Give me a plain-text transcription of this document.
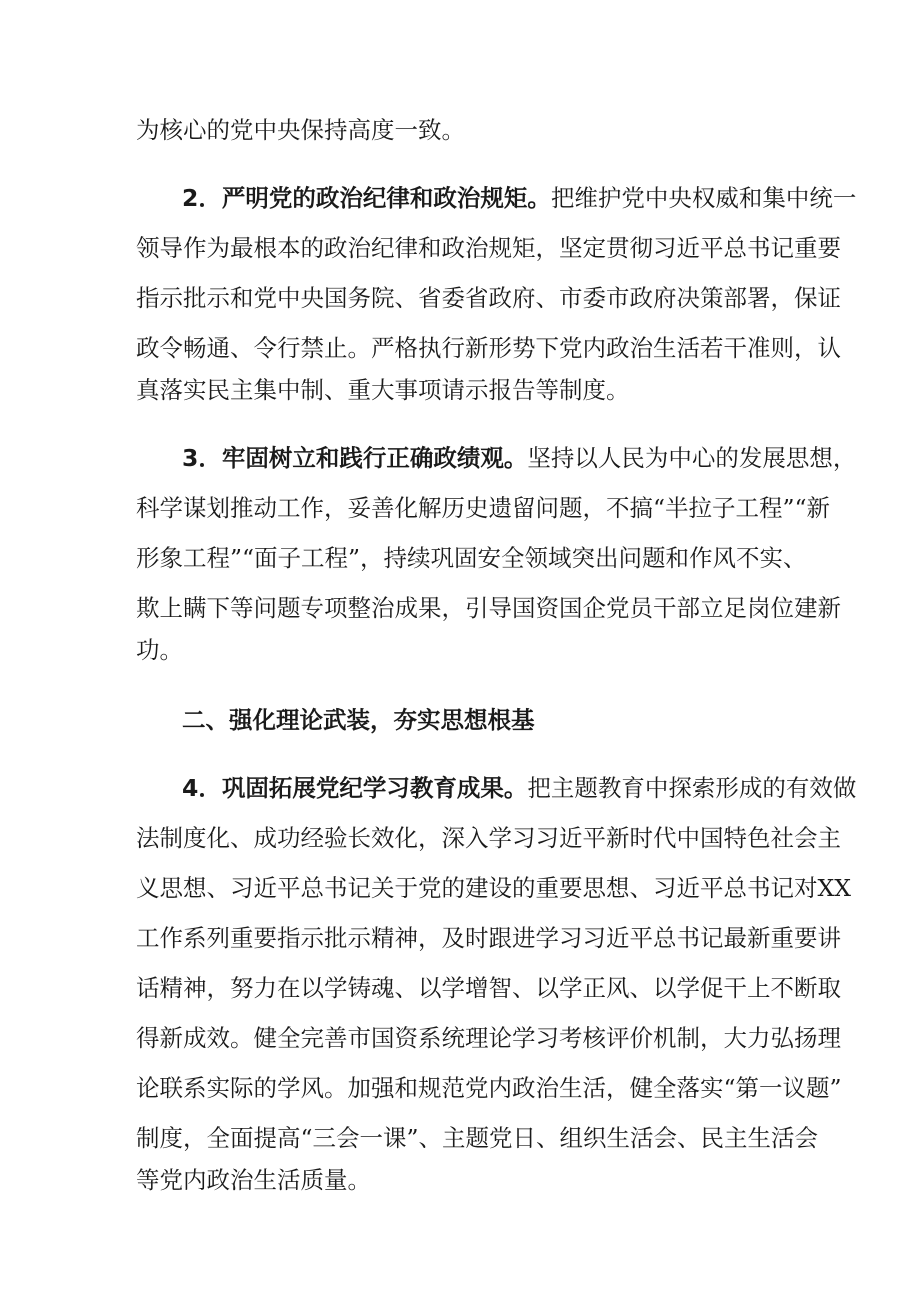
为核心的党中央保持高度一致。
2．严明党的政治纪律和政治规矩。把维护党中央权威和集中统一
领导作为最根本的政治纪律和政治规矩，坚定贯彻习近平总书记重要
指示批示和党中央国务院、省委省政府、市委市政府决策部署，保证
政令畅通、令行禁止。严格执行新形势下党内政治生活若干准则，认
真落实民主集中制、重大事项请示报告等制度。
3．牢固树立和践行正确政绩观。坚持以人民为中心的发展思想，
科学谋划推动工作，妥善化解历史遗留问题，不搞“半拉子工程”“新
形象工程”“面子工程”，持续巩固安全领域突出问题和作风不实、
欺上瞒下等问题专项整治成果，引导国资国企党员干部立足岗位建新
功。
二、强化理论武装，夯实思想根基
4．巩固拓展党纪学习教育成果。把主题教育中探索形成的有效做
法制度化、成功经验长效化，深入学习习近平新时代中国特色社会主
义思想、习近平总书记关于党的建设的重要思想、习近平总书记对XX
工作系列重要指示批示精神，及时跟进学习习近平总书记最新重要讲
话精神，努力在以学铸魂、以学增智、以学正风、以学促干上不断取
得新成效。健全完善市国资系统理论学习考核评价机制，大力弘扬理
论联系实际的学风。加强和规范党内政治生活，健全落实“第一议题”
制度，全面提高“三会一课”、主题党日、组织生活会、民主生活会
等党内政治生活质量。
